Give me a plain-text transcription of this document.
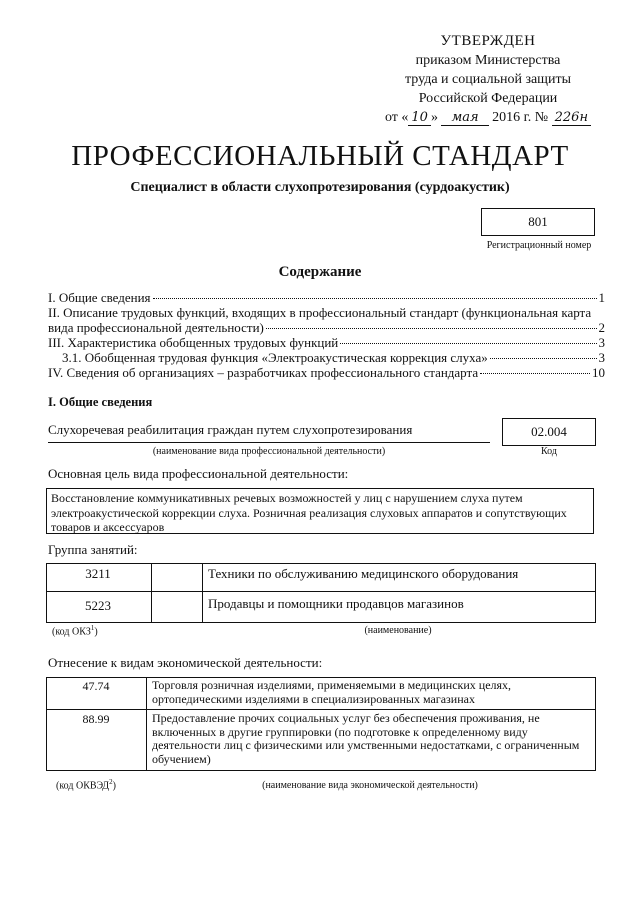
УТВЕРЖДЕН
приказом Министерства
труда и социальной защиты
Российской Федерации
от « 10 » мая 2016 г. № 226н
ПРОФЕССИОНАЛЬНЫЙ СТАНДАРТ
Специалист в области слухопротезирования (сурдоакустик)
801
Регистрационный номер
Содержание
I. Общие сведения	1
II. Описание трудовых функций, входящих в профессиональный стандарт (функциональная карта
вида профессиональной деятельности)	2
III. Характеристика обобщенных трудовых функций	3
3.1. Обобщенная трудовая функция «Электроакустическая коррекция слуха»	3
IV. Сведения об организациях – разработчиках профессионального стандарта	10
I. Общие сведения
Слухоречевая реабилитация граждан путем слухопротезирования	02.004
(наименование вида профессиональной деятельности)	Код
Основная цель вида профессиональной деятельности:
Восстановление коммуникативных речевых возможностей у лиц с нарушением слуха путем электроакустической коррекции слуха. Розничная реализация слуховых аппаратов и сопутствующих товаров и аксессуаров
Группа занятий:
3211	Техники по обслуживанию медицинского оборудования
5223	Продавцы и помощники продавцов магазинов
(код ОКЗ$^1$)	(наименование)
Отнесение к видам экономической деятельности:
47.74	Торговля розничная изделиями, применяемыми в медицинских целях, ортопедическими изделиями в специализированных магазинах
88.99	Предоставление прочих социальных услуг без обеспечения проживания, не включенных в другие группировки (по подготовке к определенному виду деятельности лиц с физическими или умственными недостатками, с ограниченным обучением)
(код ОКВЭД$^2$)	(наименование вида экономической деятельности)
